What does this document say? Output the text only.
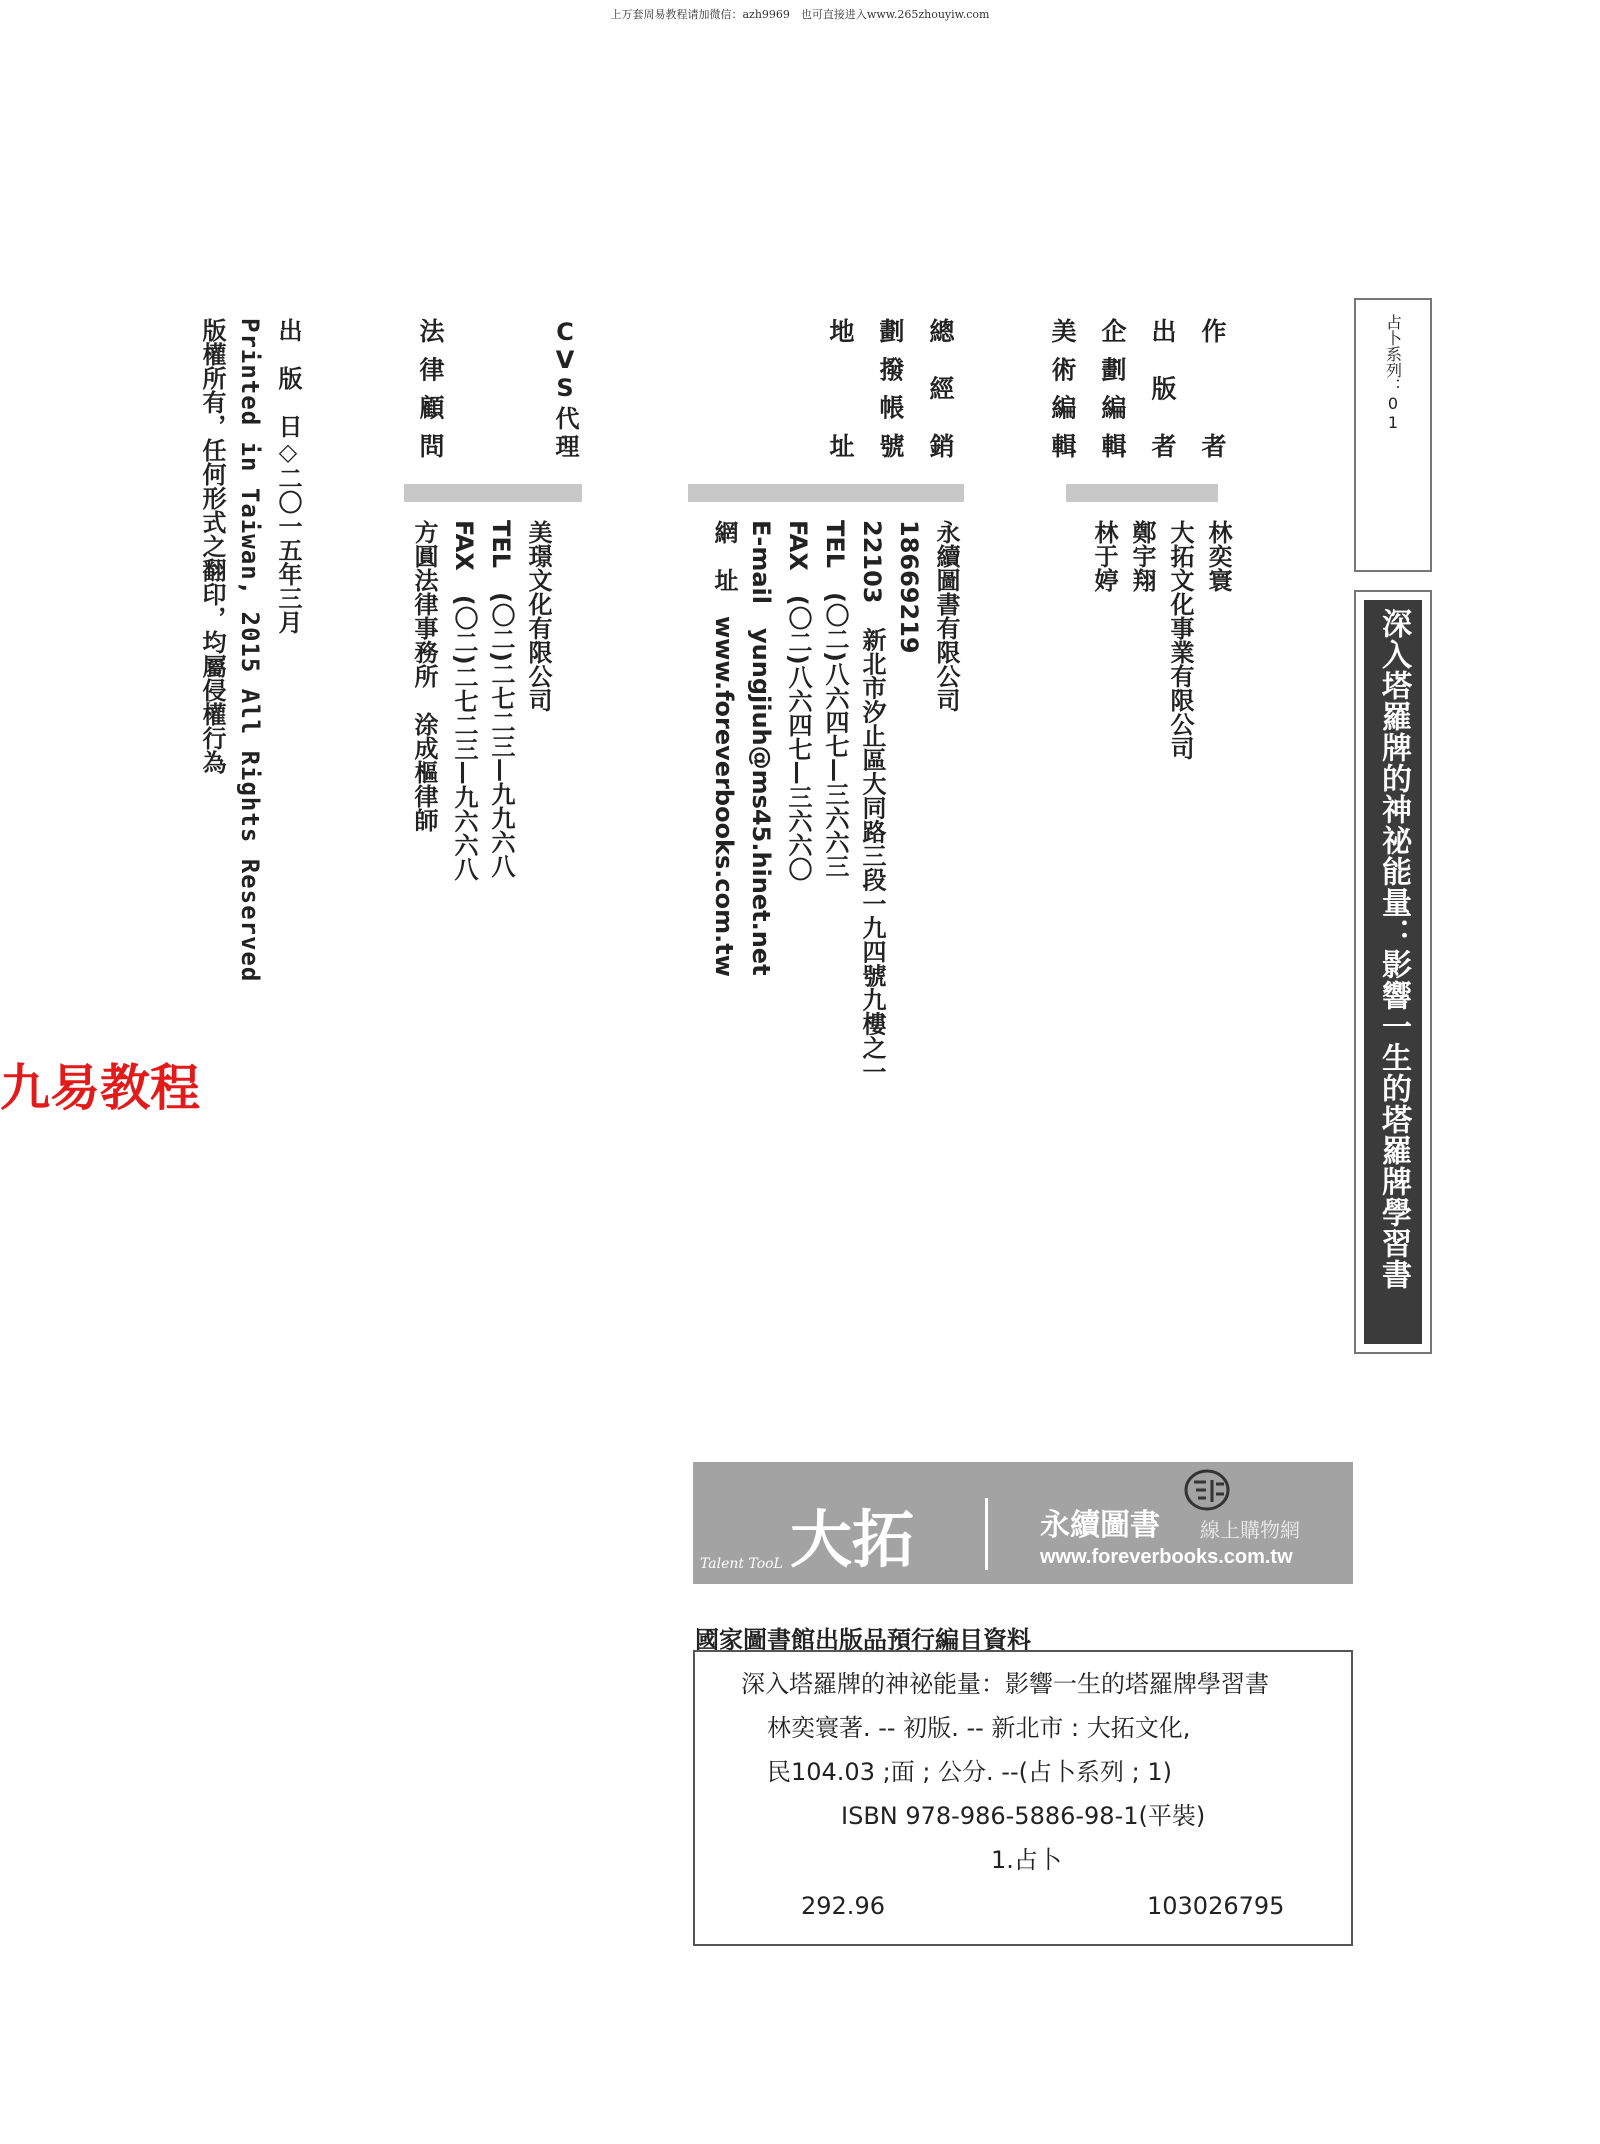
上万套周易教程请加微信：azh9969　也可直接进入www.265zhouyiw.com
占卜系列：01
深入塔羅牌的神祕能量：影響一生的塔羅牌學習書
作 者
出 版 者
企劃編輯
美術編輯
林奕寰
大拓文化事業有限公司
鄭宇翔
林于婷
總 經 銷
劃撥帳號
地 址
永續圖書有限公司
18669219
22103　新北市汐止區大同路三段一九四號九樓之一
TEL　(〇二)八六四七—三六六三
FAX　(〇二)八六四七—三六六〇
E-mail　yungjiuh@ms45.hinet.net
網　址　www.foreverbooks.com.tw
CVS代理
美璟文化有限公司
TEL　(〇二)二七二三—九九六八
FAX　(〇二)二七二三—九六六八
法律顧問
方圓法律事務所　涂成樞律師
出　版　日◇二〇一五年三月
Printed in Taiwan, 2015 All Rights Reserved
版權所有，任何形式之翻印，均屬侵權行為
九易教程
Talent TooL 大拓	永續圖書 線上購物網
www.foreverbooks.com.tw
國家圖書館出版品預行編目資料
深入塔羅牌的神祕能量：影響一生的塔羅牌學習書
林奕寰著. -- 初版. -- 新北市 : 大拓文化,
民104.03 ;面 ; 公分. --(占卜系列 ; 1)
ISBN 978-986-5886-98-1(平裝)
1.占卜
292.96	103026795
